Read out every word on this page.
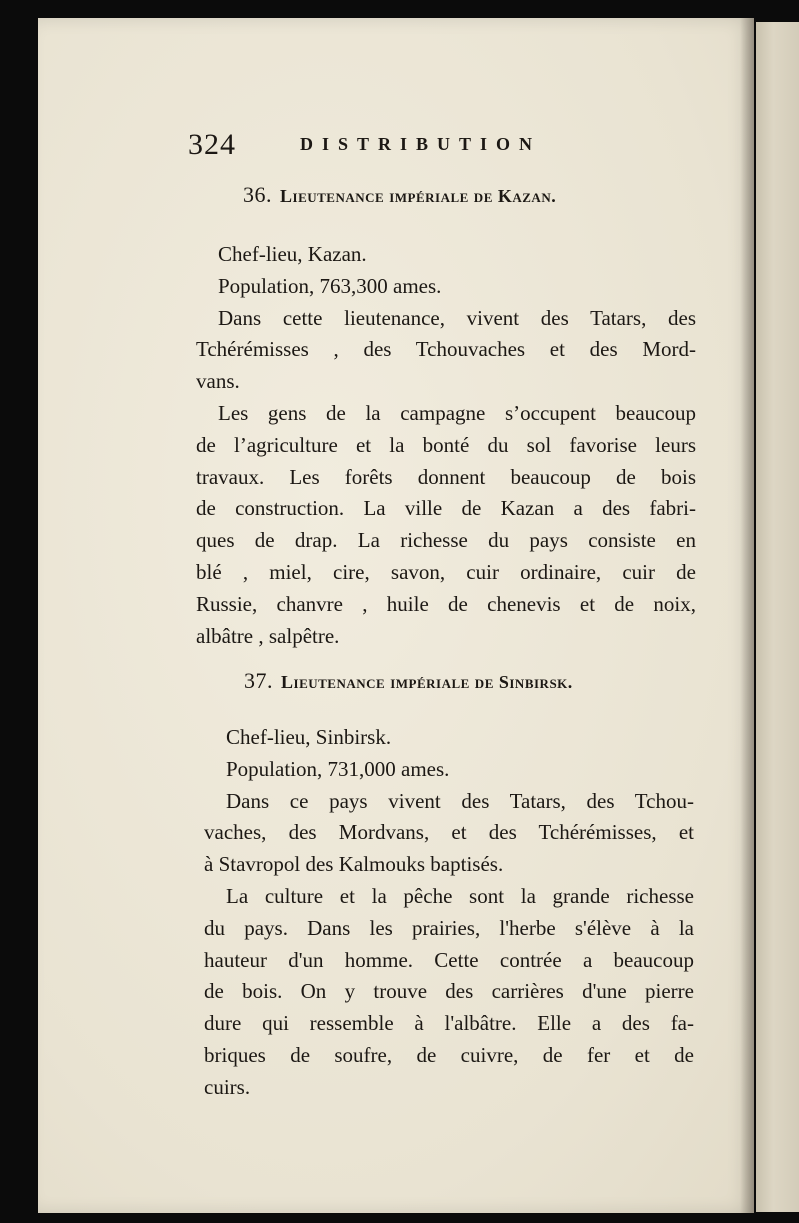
324	DISTRIBUTION
36. Lieutenance impériale de Kazan.
Chef-lieu, Kazan.
Population, 763,300 ames.
Dans cette lieutenance, vivent des Tatars, des
Tchérémisses , des Tchouvaches et des Mord-
vans.
Les gens de la campagne s’occupent beaucoup
de l’agriculture et la bonté du sol favorise leurs
travaux. Les forêts donnent beaucoup de bois
de construction. La ville de Kazan a des fabri-
ques de drap. La richesse du pays consiste en
blé , miel, cire, savon, cuir ordinaire, cuir de
Russie, chanvre , huile de chenevis et de noix,
albâtre , salpêtre.
37. Lieutenance impériale de Sinbirsk.
Chef-lieu, Sinbirsk.
Population, 731,000 ames.
Dans ce pays vivent des Tatars, des Tchou-
vaches, des Mordvans, et des Tchérémisses, et
à Stavropol des Kalmouks baptisés.
La culture et la pêche sont la grande richesse
du pays. Dans les prairies, l'herbe s'élève à la
hauteur d'un homme. Cette contrée a beaucoup
de bois. On y trouve des carrières d'une pierre
dure qui ressemble à l'albâtre. Elle a des fa-
briques de soufre, de cuivre, de fer et de
cuirs.
